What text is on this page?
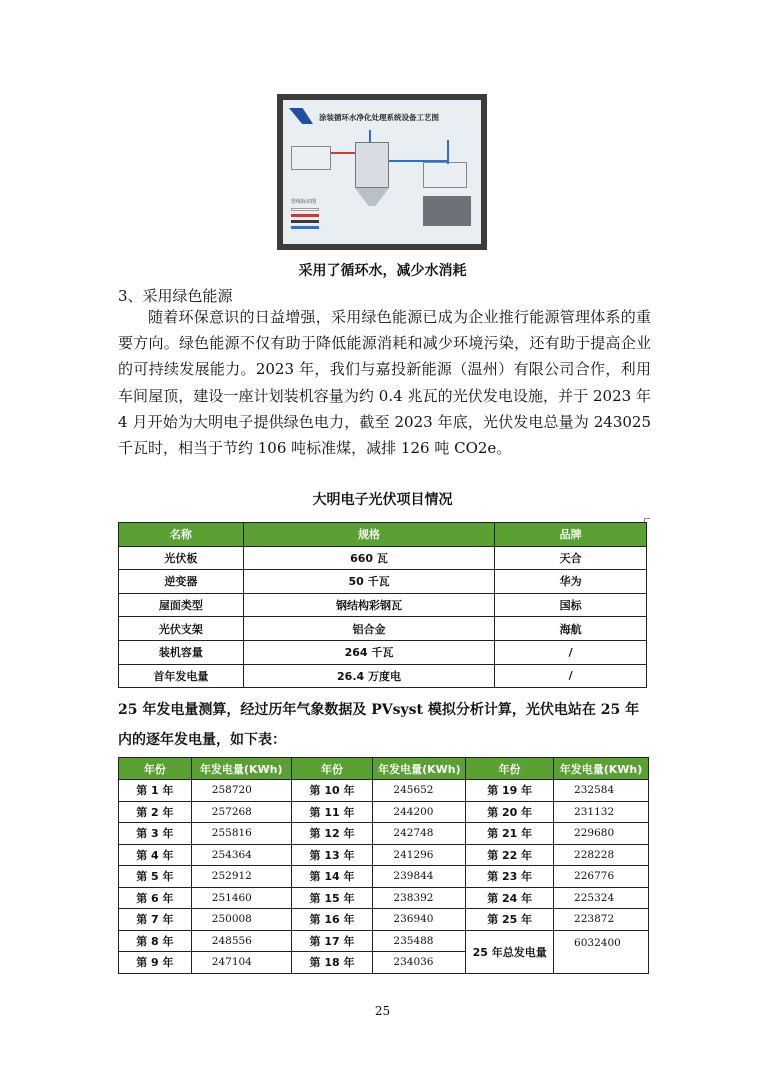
涂装循环水净化处理系统设备工艺图
管线标识图
采用了循环水，减少水消耗
3、采用绿色能源
随着环保意识的日益增强，采用绿色能源已成为企业推行能源管理体系的重要方向。绿色能源不仅有助于降低能源消耗和减少环境污染，还有助于提高企业的可持续发展能力。2023 年，我们与嘉投新能源（温州）有限公司合作，利用车间屋顶，建设一座计划装机容量为约 0.4 兆瓦的光伏发电设施，并于 2023 年 4 月开始为大明电子提供绿色电力，截至 2023 年底，光伏发电总量为 243025 千瓦时，相当于节约 106 吨标准煤，减排 126 吨 CO2e。
大明电子光伏项目情况
名称	规格	品牌
光伏板	660 瓦	天合
逆变器	50 千瓦	华为
屋面类型	钢结构彩钢瓦	国标
光伏支架	铝合金	海航
装机容量	264 千瓦	/
首年发电量	26.4 万度电	/
25 年发电量测算，经过历年气象数据及 PVsyst 模拟分析计算，光伏电站在 25 年内的逐年发电量，如下表：
年份	年发电量(KWh)	年份	年发电量(KWh)	年份	年发电量(KWh)
第 1 年	258720	第 10 年	245652	第 19 年	232584
第 2 年	257268	第 11 年	244200	第 20 年	231132
第 3 年	255816	第 12 年	242748	第 21 年	229680
第 4 年	254364	第 13 年	241296	第 22 年	228228
第 5 年	252912	第 14 年	239844	第 23 年	226776
第 6 年	251460	第 15 年	238392	第 24 年	225324
第 7 年	250008	第 16 年	236940	第 25 年	223872
第 8 年	248556	第 17 年	235488	25 年总发电量	6032400
第 9 年	247104	第 18 年	234036		
25
